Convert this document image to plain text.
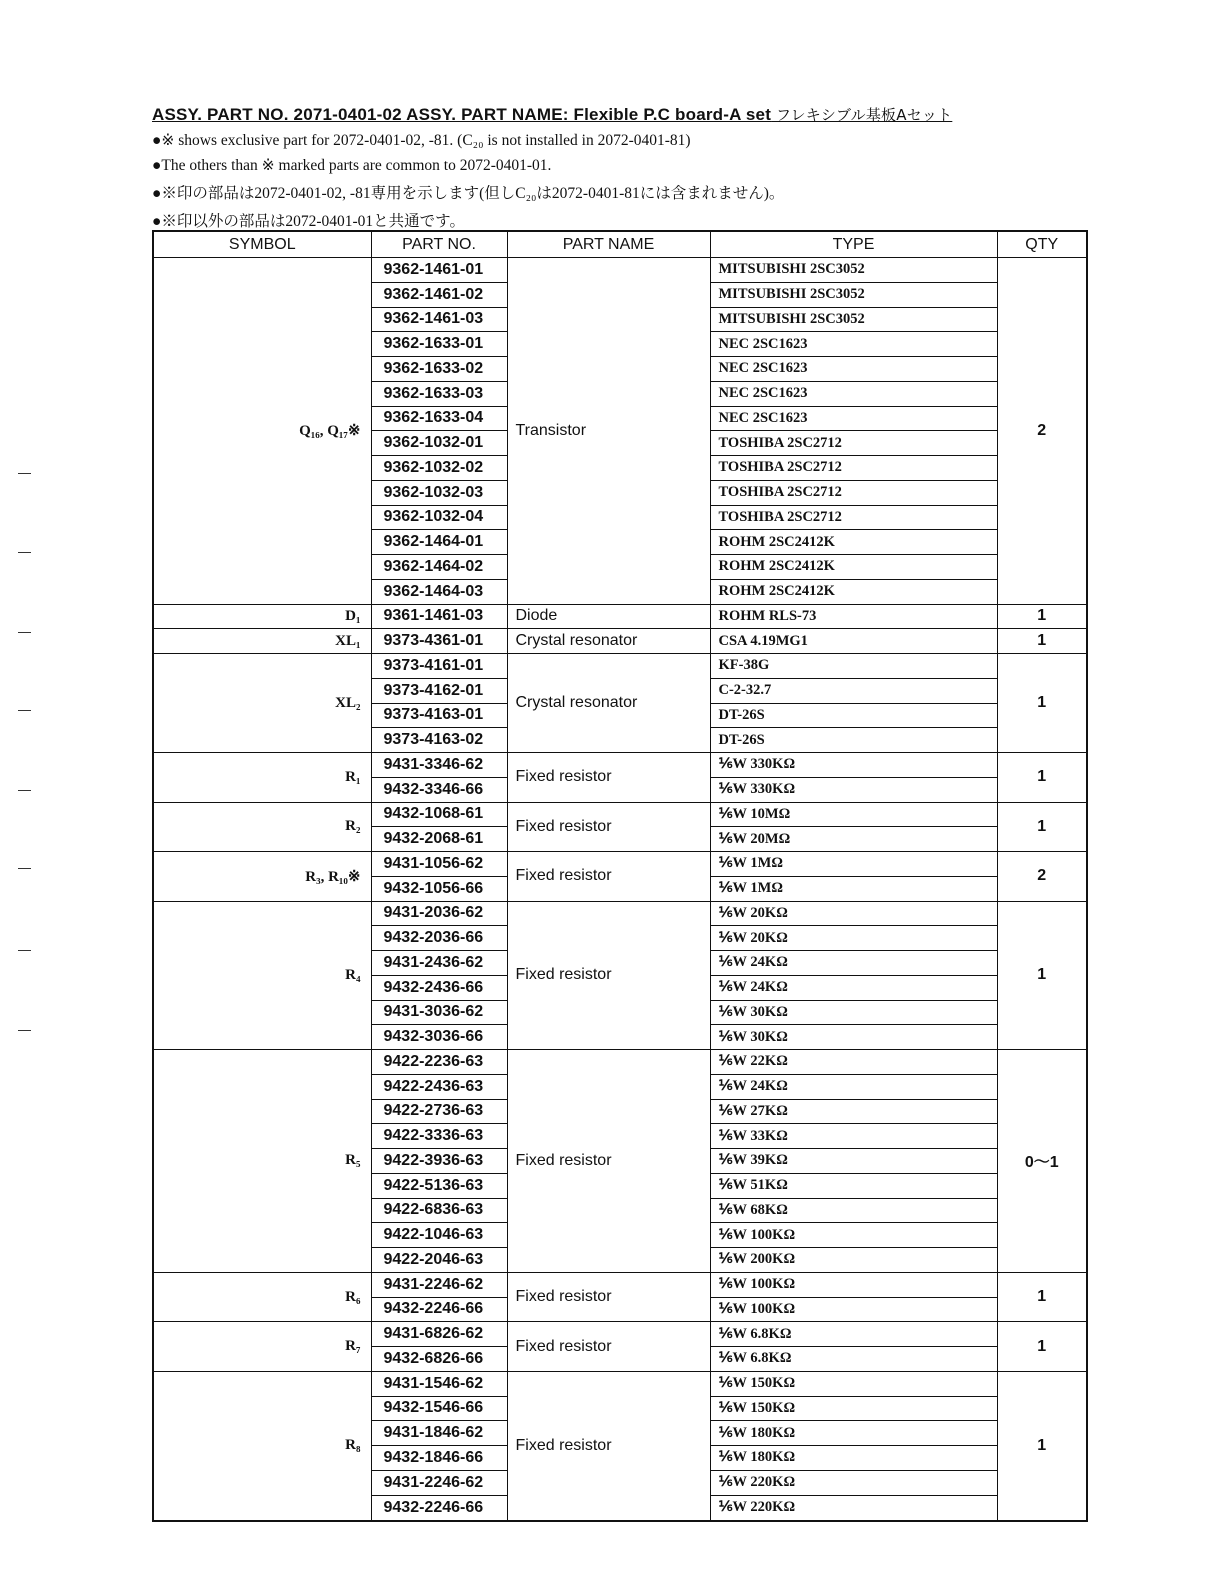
ASSY. PART NO. 2071-0401-02 ASSY. PART NAME: Flexible P.C board-A set フレキシブル基板Aセット
●※ shows exclusive part for 2072-0401-02, -81. (C₂₀ is not installed in 2072-0401-81)
●The others than ※ marked parts are common to 2072-0401-01.
●※印の部品は2072-0401-02, -81専用を示します(但しC₂₀は2072-0401-81には含まれません)。
●※印以外の部品は2072-0401-01と共通です。
SYMBOL	PART NO.	PART NAME	TYPE	QTY
Q₁₆, Q₁₇※	9362-1461-01	Transistor	MITSUBISHI 2SC3052	2
	9362-1461-02		MITSUBISHI 2SC3052	
	9362-1461-03		MITSUBISHI 2SC3052	
	9362-1633-01		NEC 2SC1623	
	9362-1633-02		NEC 2SC1623	
	9362-1633-03		NEC 2SC1623	
	9362-1633-04		NEC 2SC1623	
	9362-1032-01		TOSHIBA 2SC2712	
	9362-1032-02		TOSHIBA 2SC2712	
	9362-1032-03		TOSHIBA 2SC2712	
	9362-1032-04		TOSHIBA 2SC2712	
	9362-1464-01		ROHM 2SC2412K	
	9362-1464-02		ROHM 2SC2412K	
	9362-1464-03		ROHM 2SC2412K	
D₁	9361-1461-03	Diode	ROHM RLS-73	1
XL₁	9373-4361-01	Crystal resonator	CSA 4.19MG1	1
XL₂	9373-4161-01	Crystal resonator	KF-38G	1
	9373-4162-01		C-2-32.7	
	9373-4163-01		DT-26S	
	9373-4163-02		DT-26S	
R₁	9431-3346-62	Fixed resistor	⅙W 330KΩ	1
	9432-3346-66		⅙W 330KΩ	
R₂	9432-1068-61	Fixed resistor	⅙W 10MΩ	1
	9432-2068-61		⅙W 20MΩ	
R₃, R₁₀※	9431-1056-62	Fixed resistor	⅙W 1MΩ	2
	9432-1056-66		⅙W 1MΩ	
R₄	9431-2036-62	Fixed resistor	⅙W 20KΩ	1
	9432-2036-66		⅙W 20KΩ	
	9431-2436-62		⅙W 24KΩ	
	9432-2436-66		⅙W 24KΩ	
	9431-3036-62		⅙W 30KΩ	
	9432-3036-66		⅙W 30KΩ	
R₅	9422-2236-63	Fixed resistor	⅙W 22KΩ	0〜1
	9422-2436-63		⅙W 24KΩ	
	9422-2736-63		⅙W 27KΩ	
	9422-3336-63		⅙W 33KΩ	
	9422-3936-63		⅙W 39KΩ	
	9422-5136-63		⅙W 51KΩ	
	9422-6836-63		⅙W 68KΩ	
	9422-1046-63		⅙W 100KΩ	
	9422-2046-63		⅙W 200KΩ	
R₆	9431-2246-62	Fixed resistor	⅙W 100KΩ	1
	9432-2246-66		⅙W 100KΩ	
R₇	9431-6826-62	Fixed resistor	⅙W 6.8KΩ	1
	9432-6826-66		⅙W 6.8KΩ	
R₈	9431-1546-62	Fixed resistor	⅙W 150KΩ	1
	9432-1546-66		⅙W 150KΩ	
	9431-1846-62		⅙W 180KΩ	
	9432-1846-66		⅙W 180KΩ	
	9431-2246-62		⅙W 220KΩ	
	9432-2246-66		⅙W 220KΩ	
